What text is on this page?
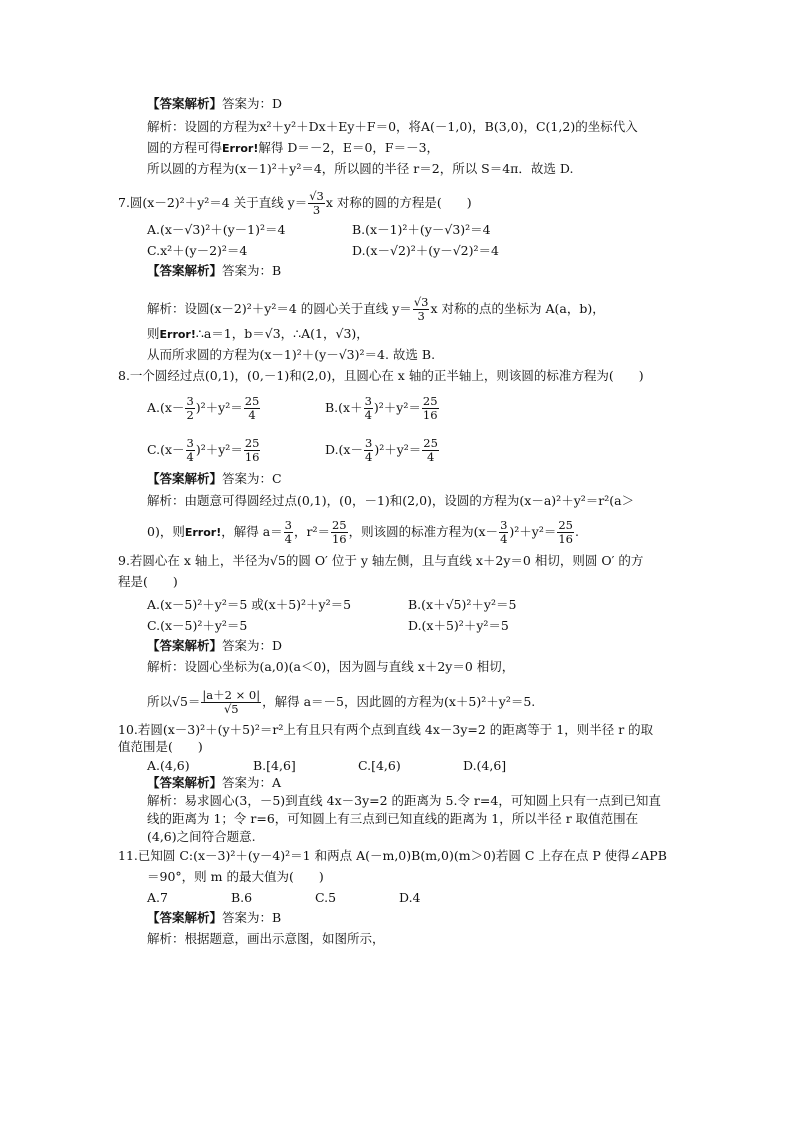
【答案解析】答案为：D
解析：设圆的方程为x²＋y²＋Dx＋Ey＋F＝0，将A(－1,0)，B(3,0)，C(1,2)的坐标代入
圆的方程可得Error!解得 D＝－2，E＝0，F＝－3，
所以圆的方程为(x－1)²＋y²＝4，所以圆的半径 r＝2，所以 S＝4π．故选 D.
7.圆(x－2)²＋y²＝4 关于直线 $y= \frac{√3}{3}$ x 对称的圆的方程是(　　)
A.(x－√3)²＋(y－1)²＝4	B.(x－1)²＋(y－√3)²＝4
C.x²＋(y－2)²＝4	D.(x－√2)²＋(y－√2)²＝4
【答案解析】答案为：B
解析：设圆(x－2)²＋y²＝4 的圆心关于直线 $y= \frac{√3}{3}$ x 对称的点的坐标为 A(a，b)，
则Error!∴a＝1，b＝√3，∴A(1，√3)，
从而所求圆的方程为(x－1)²＋(y－√3)²＝4. 故选 B.
8.一个圆经过点(0,1)，(0,－1)和(2,0)，且圆心在 x 轴的正半轴上，则该圆的标准方程为(　　)
$A.(x- \frac{3}{2} )^2+y^2= \frac{25}{4}$	$B.(x+ \frac{3}{4} )^2+y^2= \frac{25}{16}$
$C.(x- \frac{3}{4} )^2+y^2= \frac{25}{16}$	$D.(x- \frac{3}{4} )^2+y^2= \frac{25}{4}$
【答案解析】答案为：C
解析：由题意可得圆经过点(0,1)，(0，－1)和(2,0)，设圆的方程为(x－a)²＋y²＝r²(a＞
0)，则Error!，解得 $a= \frac{3}{4}$ ，$r^2= \frac{25}{16}$ ，则该圆的标准方程为$(x- \frac{3}{4} )^2+y^2= \frac{25}{16}$ .
9.若圆心在 x 轴上，半径为√5的圆 O′ 位于 y 轴左侧，且与直线 x＋2y＝0 相切，则圆 O′ 的方
程是(　　)
A.(x－5)²＋y²＝5 或(x＋5)²＋y²＝5	B.(x＋√5)²＋y²＝5
C.(x－5)²＋y²＝5	D.(x＋5)²＋y²＝5
【答案解析】答案为：D
解析：设圆心坐标为(a,0)(a＜0)，因为圆与直线 x＋2y＝0 相切，
所以$√5= \frac{|a+2 \times 0|}{√5}$ ，解得 a＝－5，因此圆的方程为(x＋5)²＋y²＝5.
10.若圆(x－3)²＋(y＋5)²＝r²上有且只有两个点到直线 4x－3y=2 的距离等于 1，则半径 r 的取
值范围是(　　)
A.(4,6)	B.[4,6]	C.[4,6)	D.(4,6]
【答案解析】答案为：A
解析：易求圆心(3，－5)到直线 4x－3y=2 的距离为 5.令 r=4，可知圆上只有一点到已知直
线的距离为 1；令 r=6，可知圆上有三点到已知直线的距离为 1，所以半径 r 取值范围在
(4,6)之间符合题意.
11.已知圆 C:(x－3)²＋(y－4)²＝1 和两点 A(－m,0)B(m,0)(m＞0)若圆 C 上存在点 P 使得∠APB
＝90°，则 m 的最大值为(　　)
A.7	B.6	C.5	D.4
【答案解析】答案为：B
解析：根据题意，画出示意图，如图所示，
